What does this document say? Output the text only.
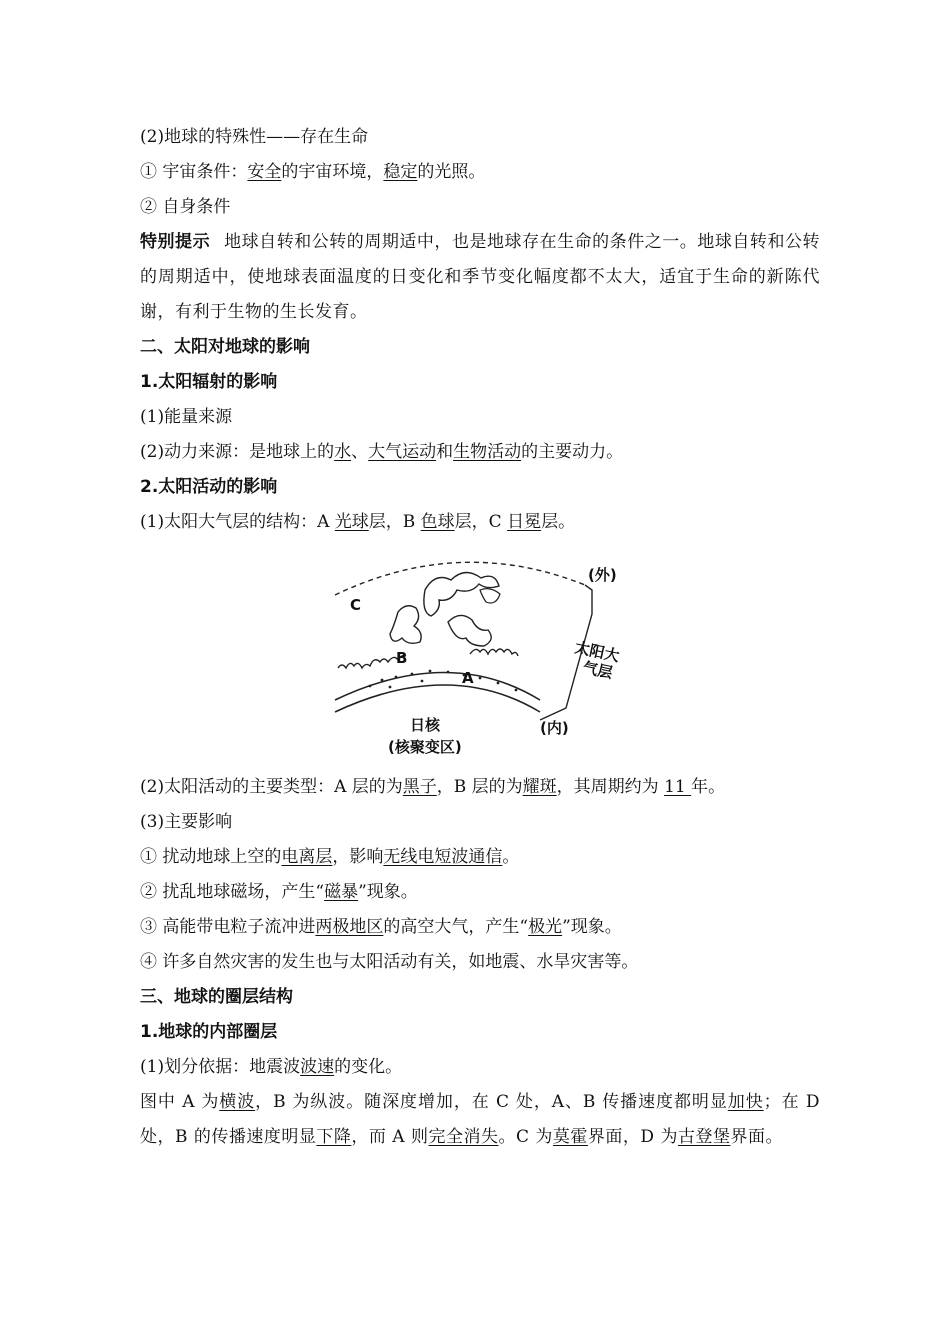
(2)地球的特殊性——存在生命
① 宇宙条件：安全的宇宙环境，稳定的光照。
② 自身条件
特别提示 地球自转和公转的周期适中，也是地球存在生命的条件之一。地球自转和公转的周期适中，使地球表面温度的日变化和季节变化幅度都不太大，适宜于生命的新陈代谢，有利于生物的生长发育。
二、太阳对地球的影响
1.太阳辐射的影响
(1)能量来源
(2)动力来源：是地球上的水、大气运动和生物活动的主要动力。
2.太阳活动的影响
(1)太阳大气层的结构：A 光球层，B 色球层，C 日冕层。
C
B
A
(外)
太阳大
气层
(内)
日核
(核聚变区)
(2)太阳活动的主要类型：A 层的为黑子，B 层的为耀斑，其周期约为 11 年。
(3)主要影响
① 扰动地球上空的电离层，影响无线电短波通信。
② 扰乱地球磁场，产生“磁暴”现象。
③ 高能带电粒子流冲进两极地区的高空大气，产生“极光”现象。
④ 许多自然灾害的发生也与太阳活动有关，如地震、水旱灾害等。
三、地球的圈层结构
1.地球的内部圈层
(1)划分依据：地震波波速的变化。
图中 A 为横波，B 为纵波。随深度增加，在 C 处，A、B 传播速度都明显加快；在 D 处，B 的传播速度明显下降，而 A 则完全消失。C 为莫霍界面，D 为古登堡界面。
